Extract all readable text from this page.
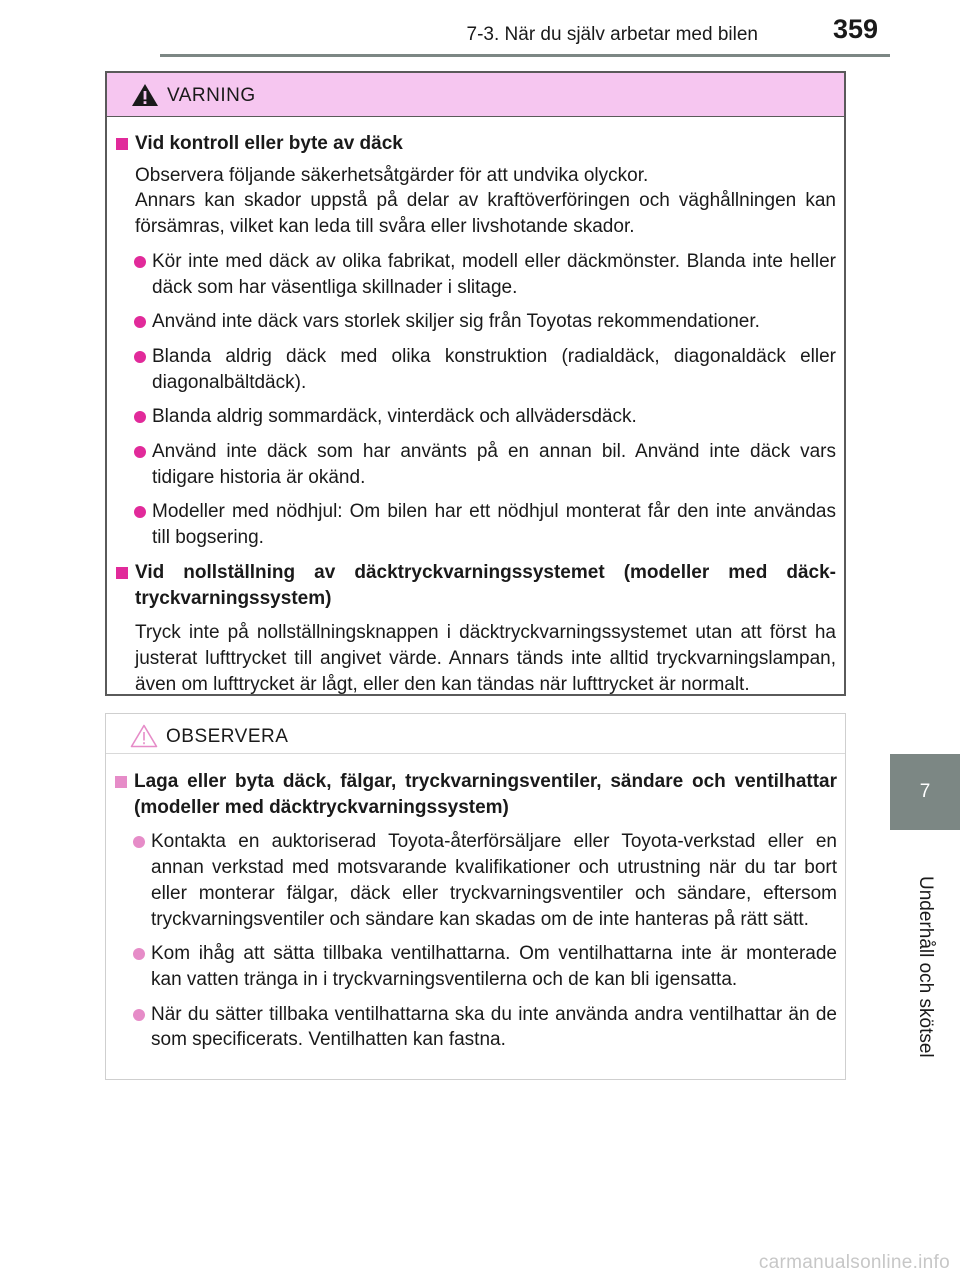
7-3. När du själv arbetar med bilen	359
7
Underhåll och skötsel
VARNING
Vid kontroll eller byte av däck
Observera följande säkerhetsåtgärder för att undvika olyckor.
Annars kan skador uppstå på delar av kraftöverföringen och väghållningen kan försämras, vilket kan leda till svåra eller livshotande skador.
Kör inte med däck av olika fabrikat, modell eller däckmönster. Blanda inte heller däck som har väsentliga skillnader i slitage.
Använd inte däck vars storlek skiljer sig från Toyotas rekommendationer.
Blanda aldrig däck med olika konstruktion (radialdäck, diagonaldäck eller diagonalbältdäck).
Blanda aldrig sommardäck, vinterdäck och allvädersdäck.
Använd inte däck som har använts på en annan bil. Använd inte däck vars tidigare historia är okänd.
Modeller med nödhjul: Om bilen har ett nödhjul monterat får den inte användas till bogsering.
Vid nollställning av däcktryckvarningssystemet (modeller med däcktryckvarningssystem)
Tryck inte på nollställningsknappen i däcktryckvarningssystemet utan att först ha justerat lufttrycket till angivet värde. Annars tänds inte alltid tryckvarningslampan, även om lufttrycket är lågt, eller den kan tändas när lufttrycket är normalt.
OBSERVERA
Laga eller byta däck, fälgar, tryckvarningsventiler, sändare och ventilhattar (modeller med däcktryckvarningssystem)
Kontakta en auktoriserad Toyota-återförsäljare eller Toyota-verkstad eller en annan verkstad med motsvarande kvalifikationer och utrustning när du tar bort eller monterar fälgar, däck eller tryckvarningsventiler och sändare, eftersom tryckvarningsventiler och sändare kan skadas om de inte hanteras på rätt sätt.
Kom ihåg att sätta tillbaka ventilhattarna. Om ventilhattarna inte är monterade kan vatten tränga in i tryckvarningsventilerna och de kan bli igensatta.
När du sätter tillbaka ventilhattarna ska du inte använda andra ventilhattar än de som specificerats. Ventilhatten kan fastna.
carmanualsonline.info
